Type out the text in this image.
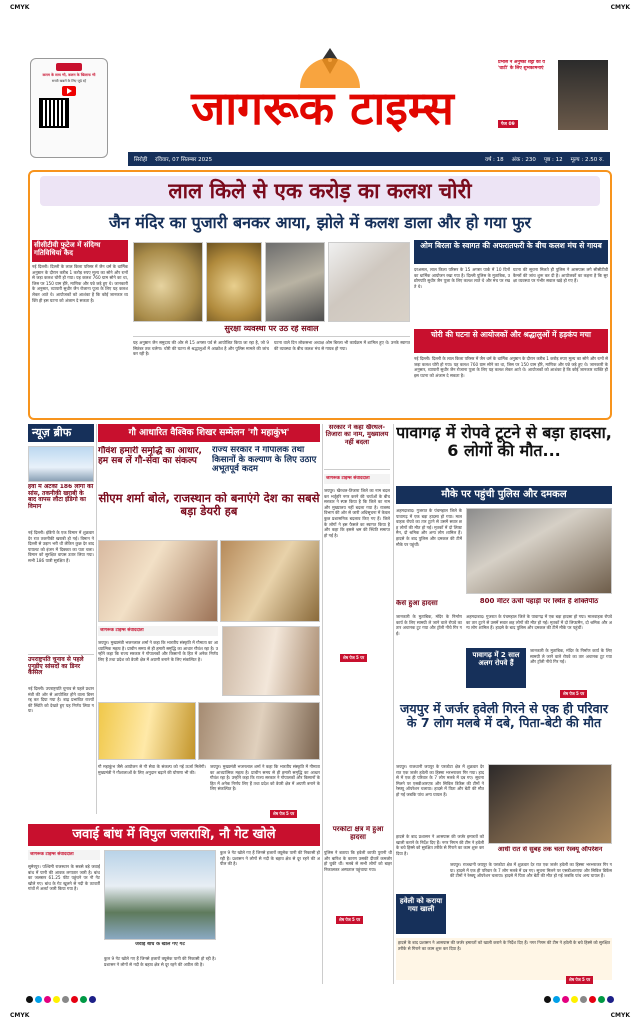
CMYK	CMYK
CMYK	CMYK
कलम के साथ भी, कलम के खिलाफ भी
सच्ची खबरों के लिए जुड़े रहें	जागरूक टाइम्स
प्रभास ने अनुष्का शेट्टी की ये 'घाटी' के लिए शुभकामनाएं
पेज 09
सिरोही रविवार, 07 सितम्बर 2025	वर्ष : 18 अंक : 230 पृष्ठ : 12 मूल्य : 2.50 रु.
लाल किले से एक करोड़ का कलश चोरी
जैन मंदिर का पुजारी बनकर आया, झोले में कलश डाला और हो गया फुर
सीसीटीवी फुटेज में संदिग्ध गतिविधियां कैद
नई दिल्ली। दिल्ली के लाल किला परिसर में जैन धर्म के धार्मिक अनुष्ठान के दौरान करीब 1 करोड़ रुपए मूल्य का सोने और रत्नों से जड़ा कलश चोरी हो गया। यह कलश 760 ग्राम सोने का था, जिस पर 150 ग्राम हीरे, माणिक और पन्ने जड़े हुए थे। जानकारी के अनुसार, व्यापारी सुधीर जैन रोजाना पूजा के लिए यह कलश लेकर आते थे। आयोजकों को आशंका है कि कोई जानकार व्यक्ति ही इस घटना को अंजाम दे सकता है।
सुरक्षा व्यवस्था पर उठ रहे सवाल
यह अनुष्ठान जैन समुदाय की ओर से 15 अगस्त पर्व से आयोजित किया जा रहा है, जो 9 सितंबर तक चलेगा। चोरी की घटना से श्रद्धालुओं में आक्रोश है और पुलिस मामले की जांच कर रही है।
घटना वाले दिन लोकसभा अध्यक्ष ओम बिरला भी कार्यक्रम में शामिल हुए थे। उनके स्वागत की व्यवस्था के बीच कलश मंच से गायब हो गया।
ओम बिरला के स्वागत की अफरातफरी के बीच कलश मंच से गायब
दरअसल, लाल किला परिसर के 15 अगस्त पार्क में 10 दिनों का धार्मिक आयोजन रखा गया है। दिल्ली पुलिस के मुताबिक, उद्योगपति सुधीर जैन पूजा के लिए कलश लाते थे और मंच पर रखते थे।
घटना की सूचना मिलते ही पुलिस ने आसपास लगे सीसीटीवी कैमरों की जांच शुरू कर दी है। आयोजकों का कहना है कि सुरक्षा व्यवस्था पर गंभीर सवाल खड़े हो गए हैं।
चोरी की घटना से आयोजकों और श्रद्धालुओं में हड़कंप मचा
नई दिल्ली। दिल्ली के लाल किला परिसर में जैन धर्म के धार्मिक अनुष्ठान के दौरान करीब 1 करोड़ रुपए मूल्य का सोने और रत्नों से जड़ा कलश चोरी हो गया। यह कलश 760 ग्राम सोने का था, जिस पर 150 ग्राम हीरे, माणिक और पन्ने जड़े हुए थे। जानकारी के अनुसार, व्यापारी सुधीर जैन रोजाना पूजा के लिए यह कलश लेकर आते थे। आयोजकों को आशंका है कि कोई जानकार व्यक्ति ही इस घटना को अंजाम दे सकता है।
न्यूज़ ब्रीफ
हवा में अटकी 186 लोगों की सांस, तकनीकी खराबी के बाद वापस लौटा इंडिगो का विमान
नई दिल्ली। इंडिगो के एक विमान में शुक्रवार देर रात तकनीकी खराबी हो गई। विमान ने दिल्ली से उड़ान भरी थी लेकिन कुछ देर बाद पायलट को इंजन में दिक्कत का पता चला। विमान को सुरक्षित वापस उतार लिया गया। सभी 186 यात्री सुरक्षित हैं।
उपराष्ट्रपति चुनाव से पहले एनडीए सांसदों का डिनर कैंसिल
नई दिल्ली। उपराष्ट्रपति चुनाव से पहले प्रधानमंत्री की ओर से आयोजित होने वाला डिनर रद्द कर दिया गया है। बाढ़ प्रभावित राज्यों की स्थिति को देखते हुए यह निर्णय लिया गया।
गौ आधारित वैश्विक शिखर सम्मेलन 'गौ महाकुंभ'
गौवंश हमारी समृद्धि का आधार, हम सब लें गौ-सेवा का संकल्प
राज्य सरकार ने गोपालक तथा किसानों के कल्याण के लिए उठाए अभूतपूर्व कदम
सीएम शर्मा बोले, राजस्थान को बनाएंगे देश का सबसे बड़ा डेयरी हब
जागरूक टाइम्स संवाददाता
जयपुर। मुख्यमंत्री भजनलाल शर्मा ने कहा कि भारतीय संस्कृति में गौमाता का आध्यात्मिक महत्व है। प्राचीन समय से ही हमारी समृद्धि का आधार गौवंश रहा है। उन्होंने कहा कि राज्य सरकार ने गोपालकों और किसानों के हित में अनेक निर्णय लिए हैं तथा प्रदेश को डेयरी क्षेत्र में अग्रणी बनाने के लिए संकल्पित है।
गौ महाकुंभ जैसे आयोजन से गौ सेवा के संकल्प को नई ऊर्जा मिलेगी। मुख्यमंत्री ने गौशालाओं के लिए अनुदान बढ़ाने की घोषणा भी की।
जयपुर। मुख्यमंत्री भजनलाल शर्मा ने कहा कि भारतीय संस्कृति में गौमाता का आध्यात्मिक महत्व है। प्राचीन समय से ही हमारी समृद्धि का आधार गौवंश रहा है। उन्होंने कहा कि राज्य सरकार ने गोपालकों और किसानों के हित में अनेक निर्णय लिए हैं तथा प्रदेश को डेयरी क्षेत्र में अग्रणी बनाने के लिए संकल्पित है।
शेष पेज 5 पर
सरकार ने कहा खैरथल-तिजारा का नाम, मुख्यालय नहीं बदला
जागरूक टाइम्स संवाददाता
जयपुर। खैरथल-तिजारा जिले का नाम बदलकर भर्तृहरि नगर करने की चर्चाओं के बीच सरकार ने स्पष्ट किया है कि जिले का नाम और मुख्यालय नहीं बदला गया है। राजस्व विभाग की ओर से जारी अधिसूचना में केवल कुछ प्रशासनिक बदलाव किए गए हैं। जिले के लोगों ने इस फैसले का स्वागत किया है और कहा कि इससे भ्रम की स्थिति समाप्त हो गई है।
शेष पेज 5 पर
पावागढ़ में रोपवे टूटने से बड़ा हादसा, 6 लोगों की मौत...
मौके पर पहुंची पुलिस और दमकल
अहमदाबाद। गुजरात के पंचमहाल जिले के पावागढ़ में एक बड़ा हादसा हो गया। मालवाहक रोपवे का तार टूटने से उसमें सवार छह लोगों की मौत हो गई। मृतकों में दो लिफ्टमैन, दो श्रमिक और अन्य लोग शामिल हैं। हादसे के बाद पुलिस और दमकल की टीमें मौके पर पहुंचीं।
800 मीटर ऊंची पहाड़ी पर स्थित है शक्तिपीठ
कैसे हुआ हादसा
जानकारी के मुताबिक, मंदिर के निर्माण कार्य के लिए सामग्री ले जाने वाले रोपवे का तार अचानक टूट गया और ट्रॉली नीचे गिर गई।
अहमदाबाद। गुजरात के पंचमहाल जिले के पावागढ़ में एक बड़ा हादसा हो गया। मालवाहक रोपवे का तार टूटने से उसमें सवार छह लोगों की मौत हो गई। मृतकों में दो लिफ्टमैन, दो श्रमिक और अन्य लोग शामिल हैं। हादसे के बाद पुलिस और दमकल की टीमें मौके पर पहुंचीं।
पावागढ़ में 2 साल अलग रोपवे हैं
जानकारी के मुताबिक, मंदिर के निर्माण कार्य के लिए सामग्री ले जाने वाले रोपवे का तार अचानक टूट गया और ट्रॉली नीचे गिर गई।
शेष पेज 5 पर
जयपुर में जर्जर हवेली गिरने से एक ही परिवार के 7 लोग मलबे में दबे, पिता-बेटी की मौत
जयपुर। राजधानी जयपुर के परकोटा क्षेत्र में शुक्रवार देर रात एक जर्जर हवेली का हिस्सा भरभराकर गिर गया। हादसे में एक ही परिवार के 7 लोग मलबे में दब गए। सूचना मिलने पर एसडीआरएफ और सिविल डिफेंस की टीमों ने रेस्क्यू ऑपरेशन चलाया। हादसे में पिता और बेटी की मौत हो गई जबकि पांच अन्य घायल हैं।
आधी रात से सुबह तक चला रेस्क्यू ऑपरेशन
हादसे के बाद प्रशासन ने आसपास की जर्जर इमारतों को खाली कराने के निर्देश दिए हैं। नगर निगम की टीम ने हवेली के बचे हिस्से को सुरक्षित तरीके से गिराने का काम शुरू कर दिया है।
हवेली को कराया गया खाली
जयपुर। राजधानी जयपुर के परकोटा क्षेत्र में शुक्रवार देर रात एक जर्जर हवेली का हिस्सा भरभराकर गिर गया। हादसे में एक ही परिवार के 7 लोग मलबे में दब गए। सूचना मिलने पर एसडीआरएफ और सिविल डिफेंस की टीमों ने रेस्क्यू ऑपरेशन चलाया। हादसे में पिता और बेटी की मौत हो गई जबकि पांच अन्य घायल हैं।
हादसे के बाद प्रशासन ने आसपास की जर्जर इमारतों को खाली कराने के निर्देश दिए हैं। नगर निगम की टीम ने हवेली के बचे हिस्से को सुरक्षित तरीके से गिराने का काम शुरू कर दिया है।
शेष पेज 5 पर
परकोटा क्षेत्र में हुआ हादसा
पुलिस ने बताया कि हवेली काफी पुरानी थी और बारिश के कारण उसकी दीवारें कमजोर हो चुकी थीं। मलबे से सभी लोगों को बाहर निकालकर अस्पताल पहुंचाया गया।
शेष पेज 5 पर
जवाई बांध में विपुल जलराशि, नौ गेट खोले
जागरूक टाइम्स संवाददाता
सुमेरपुर। पश्चिमी राजस्थान के सबसे बड़े जवाई बांध में पानी की आवक लगातार जारी है। बांध का जलस्तर 61.25 फीट पहुंचने पर नौ गेट खोले गए। बांध के गेट खुलने से नदी के तटवर्ती गांवों में अलर्ट जारी किया गया है।
जवाई बांध के खोले गए गेट
कुल 9 गेट खोले गए हैं जिनसे हजारों क्यूसेक पानी की निकासी हो रही है। प्रशासन ने लोगों से नदी के बहाव क्षेत्र से दूर रहने की अपील की है।
कुल 9 गेट खोले गए हैं जिनसे हजारों क्यूसेक पानी की निकासी हो रही है। प्रशासन ने लोगों से नदी के बहाव क्षेत्र से दूर रहने की अपील की है।
